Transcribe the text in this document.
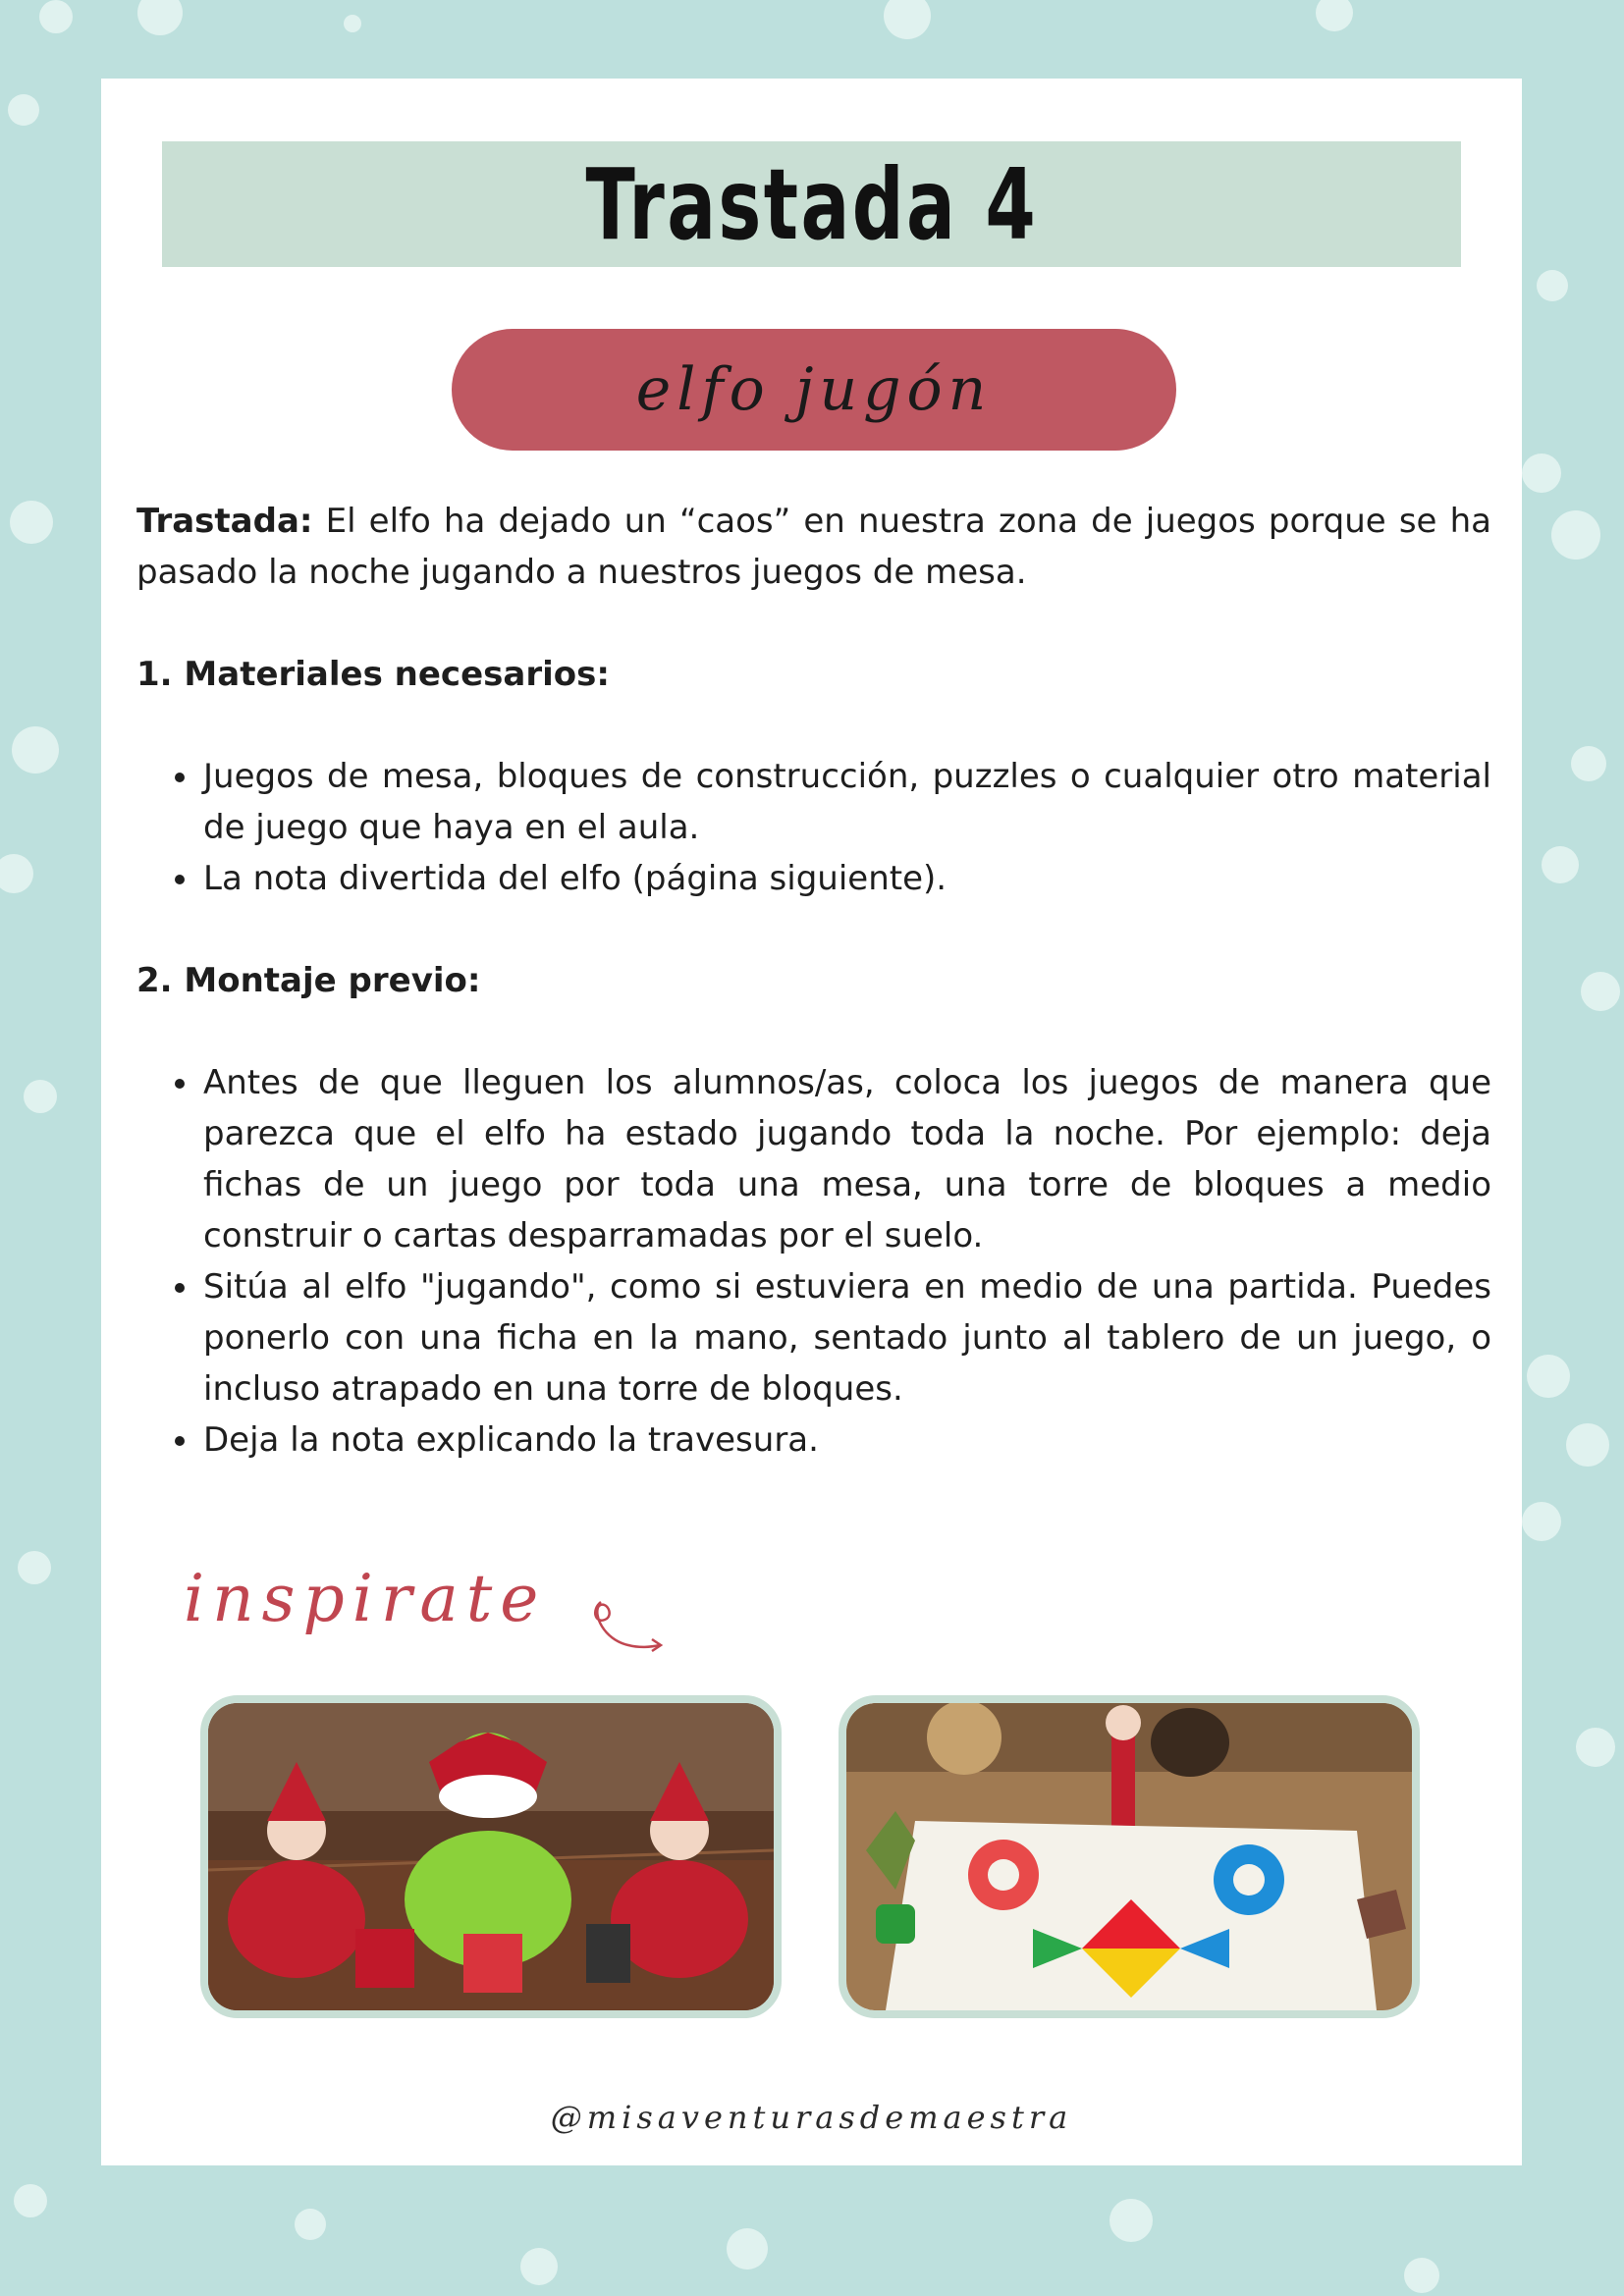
Trastada 4
elfo jugón

Trastada: El elfo ha dejado un “caos” en nuestra zona de juegos porque se ha pasado la noche jugando a nuestros juegos de mesa.

1. Materiales necesarios:
• Juegos de mesa, bloques de construcción, puzzles o cualquier otro material de juego que haya en el aula.
• La nota divertida del elfo (página siguiente).
2. Montaje previo:
• Antes de que lleguen los alumnos/as, coloca los juegos de manera que parezca que el elfo ha estado jugando toda la noche. Por ejemplo: deja fichas de un juego por toda una mesa, una torre de bloques a medio construir o cartas desparramadas por el suelo.
• Sitúa al elfo "jugando", como si estuviera en medio de una partida. Puedes ponerlo con una ficha en la mano, sentado junto al tablero de un juego, o incluso atrapado en una torre de bloques.
• Deja la nota explicando la travesura.
inspirate
@misaventurasdemaestra
